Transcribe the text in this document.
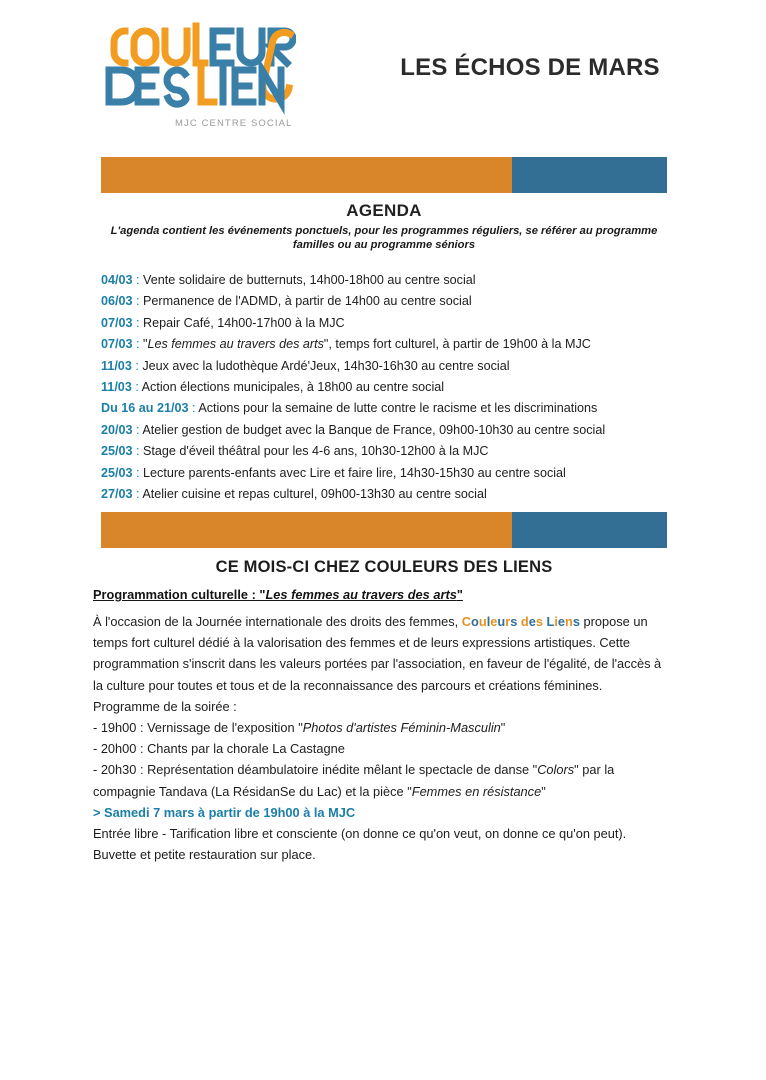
MJC CENTRE SOCIAL
LES ÉCHOS DE MARS
AGENDA
L'agenda contient les événements ponctuels, pour les programmes réguliers, se référer au programme familles ou au programme séniors
04/03 : Vente solidaire de butternuts, 14h00-18h00 au centre social
06/03 : Permanence de l'ADMD, à partir de 14h00 au centre social
07/03 : Repair Café, 14h00-17h00 à la MJC
07/03 : "Les femmes au travers des arts", temps fort culturel, à partir de 19h00 à la MJC
11/03 : Jeux avec la ludothèque Ardé'Jeux, 14h30-16h30 au centre social
11/03 : Action élections municipales, à 18h00 au centre social
Du 16 au 21/03 : Actions pour la semaine de lutte contre le racisme et les discriminations
20/03 : Atelier gestion de budget avec la Banque de France, 09h00-10h30 au centre social
25/03 : Stage d'éveil théâtral pour les 4-6 ans, 10h30-12h00 à la MJC
25/03 : Lecture parents-enfants avec Lire et faire lire, 14h30-15h30 au centre social
27/03 : Atelier cuisine et repas culturel, 09h00-13h30 au centre social
CE MOIS-CI CHEZ COULEURS DES LIENS
Programmation culturelle : "Les femmes au travers des arts"

À l'occasion de la Journée internationale des droits des femmes, Couleurs des Liens propose un temps fort culturel dédié à la valorisation des femmes et de leurs expressions artistiques. Cette programmation s'inscrit dans les valeurs portées par l'association, en faveur de l'égalité, de l'accès à la culture pour toutes et tous et de la reconnaissance des parcours et créations féminines.

Programme de la soirée :

- 19h00 : Vernissage de l'exposition "Photos d'artistes Féminin-Masculin"

- 20h00 : Chants par la chorale La Castagne

- 20h30 : Représentation déambulatoire inédite mêlant le spectacle de danse "Colors" par la compagnie Tandava (La RésidanSe du Lac) et la pièce "Femmes en résistance"

> Samedi 7 mars à partir de 19h00 à la MJC

Entrée libre - Tarification libre et consciente (on donne ce qu'on veut, on donne ce qu'on peut).

Buvette et petite restauration sur place.
